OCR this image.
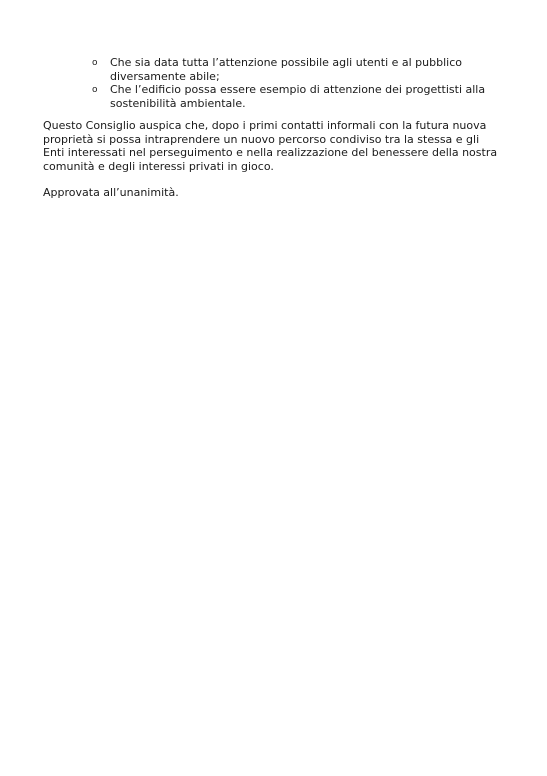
o Che sia data tutta l’attenzione possibile agli utenti e al pubblico diversamente abile;
o Che l’edificio possa essere esempio di attenzione dei progettisti alla sostenibilità ambientale.

Questo Consiglio auspica che, dopo i primi contatti informali con la futura nuova proprietà si possa intraprendere un nuovo percorso condiviso tra la stessa e gli Enti interessati nel perseguimento e nella realizzazione del benessere della nostra comunità e degli interessi privati in gioco.

Approvata all’unanimità.
